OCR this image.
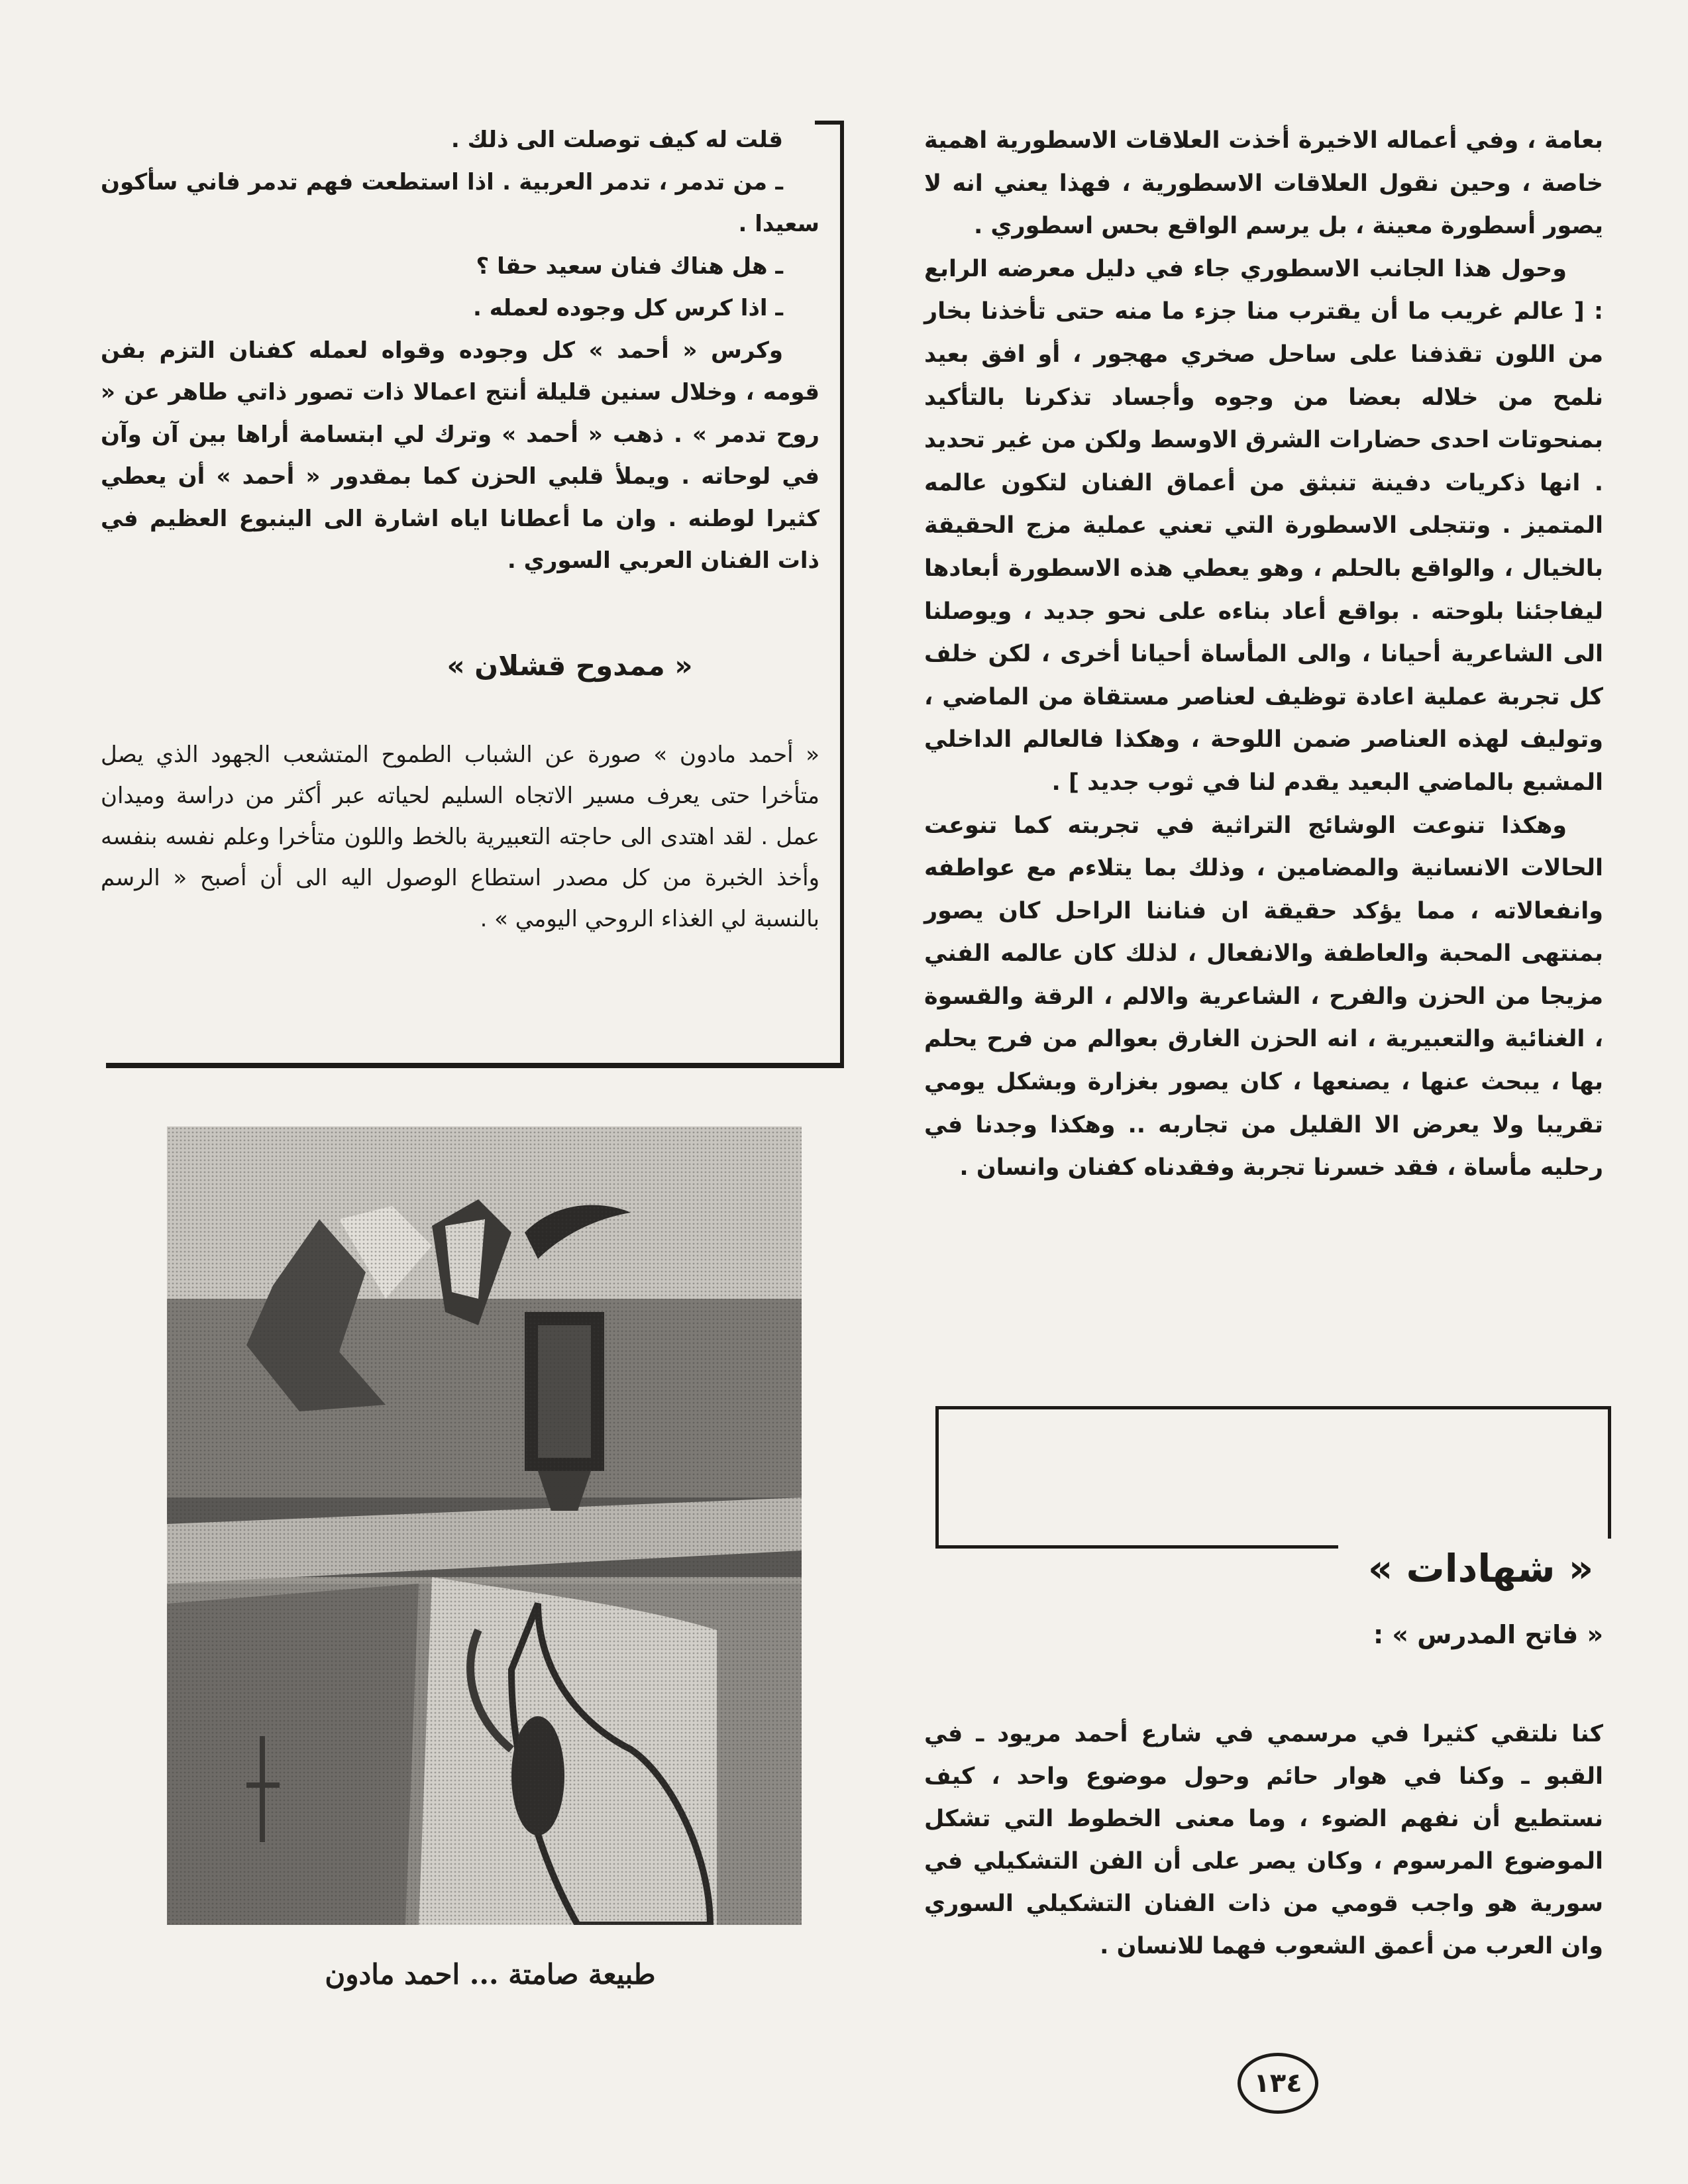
بعامة ، وفي أعماله الاخيرة أخذت العلاقات الاسطورية اهمية خاصة ، وحين نقول العلاقات الاسطورية ، فهذا يعني انه لا يصور أسطورة معينة ، بل يرسم الواقع بحس اسطوري .

وحول هذا الجانب الاسطوري جاء في دليل معرضه الرابع : [ عالم غريب ما أن يقترب منا جزء ما منه حتى تأخذنا بخار من اللون تقذفنا على ساحل صخري مهجور ، أو افق بعيد نلمح من خلاله بعضا من وجوه وأجساد تذكرنا بالتأكيد بمنحوتات احدى حضارات الشرق الاوسط ولكن من غير تحديد . انها ذكريات دفينة تنبثق من أعماق الفنان لتكون عالمه المتميز . وتتجلى الاسطورة التي تعني عملية مزج الحقيقة بالخيال ، والواقع بالحلم ، وهو يعطي هذه الاسطورة أبعادها ليفاجئنا بلوحته . بواقع أعاد بناءه على نحو جديد ، ويوصلنا الى الشاعرية أحيانا ، والى المأساة أحيانا أخرى ، لكن خلف كل تجربة عملية اعادة توظيف لعناصر مستقاة من الماضي ، وتوليف لهذه العناصر ضمن اللوحة ، وهكذا فالعالم الداخلي المشبع بالماضي البعيد يقدم لنا في ثوب جديد ] .

وهكذا تنوعت الوشائج التراثية في تجربته كما تنوعت الحالات الانسانية والمضامين ، وذلك بما يتلاءم مع عواطفه وانفعالاته ، مما يؤكد حقيقة ان فناننا الراحل كان يصور بمنتهى المحبة والعاطفة والانفعال ، لذلك كان عالمه الفني مزيجا من الحزن والفرح ، الشاعرية والالم ، الرقة والقسوة ، الغنائية والتعبيرية ، انه الحزن الغارق بعوالم من فرح يحلم بها ، يبحث عنها ، يصنعها ، كان يصور بغزارة وبشكل يومي تقريبا ولا يعرض الا القليل من تجاربه .. وهكذا وجدنا في رحليه مأساة ، فقد خسرنا تجربة وفقدناه كفنان وانسان .

قلت له كيف توصلت الى ذلك .

ـ من تدمر ، تدمر العربية . اذا استطعت فهم تدمر فاني سأكون سعيدا .

ـ هل هناك فنان سعيد حقا ؟

ـ اذا كرس كل وجوده لعمله .

وكرس « أحمد » كل وجوده وقواه لعمله كفنان التزم بفن قومه ، وخلال سنين قليلة أنتج اعمالا ذات تصور ذاتي طاهر عن « روح تدمر » . ذهب « أحمد » وترك لي ابتسامة أراها بين آن وآن في لوحاته . ويملأ قلبي الحزن كما بمقدور « أحمد » أن يعطي كثيرا لوطنه . وان ما أعطانا اياه اشارة الى الينبوع العظيم في ذات الفنان العربي السوري .

« ممدوح قشلان »
« أحمد مادون » صورة عن الشباب الطموح المتشعب الجهود الذي يصل متأخرا حتى يعرف مسير الاتجاه السليم لحياته عبر أكثر من دراسة وميدان عمل . لقد اهتدى الى حاجته التعبيرية بالخط واللون متأخرا وعلم نفسه بنفسه وأخذ الخبرة من كل مصدر استطاع الوصول اليه الى أن أصبح « الرسم بالنسبة لي الغذاء الروحي اليومي » .
طبيعة صامتة ... احمد مادون
« شهادات »
« فاتح المدرس » :
كنا نلتقي كثيرا في مرسمي في شارع أحمد مريود ـ في القبو ـ وكنا في هوار حائم وحول موضوع واحد ، كيف نستطيع أن نفهم الضوء ، وما معنى الخطوط التي تشكل الموضوع المرسوم ، وكان يصر على أن الفن التشكيلي في سورية هو واجب قومي من ذات الفنان التشكيلي السوري وان العرب من أعمق الشعوب فهما للانسان .
١٣٤
